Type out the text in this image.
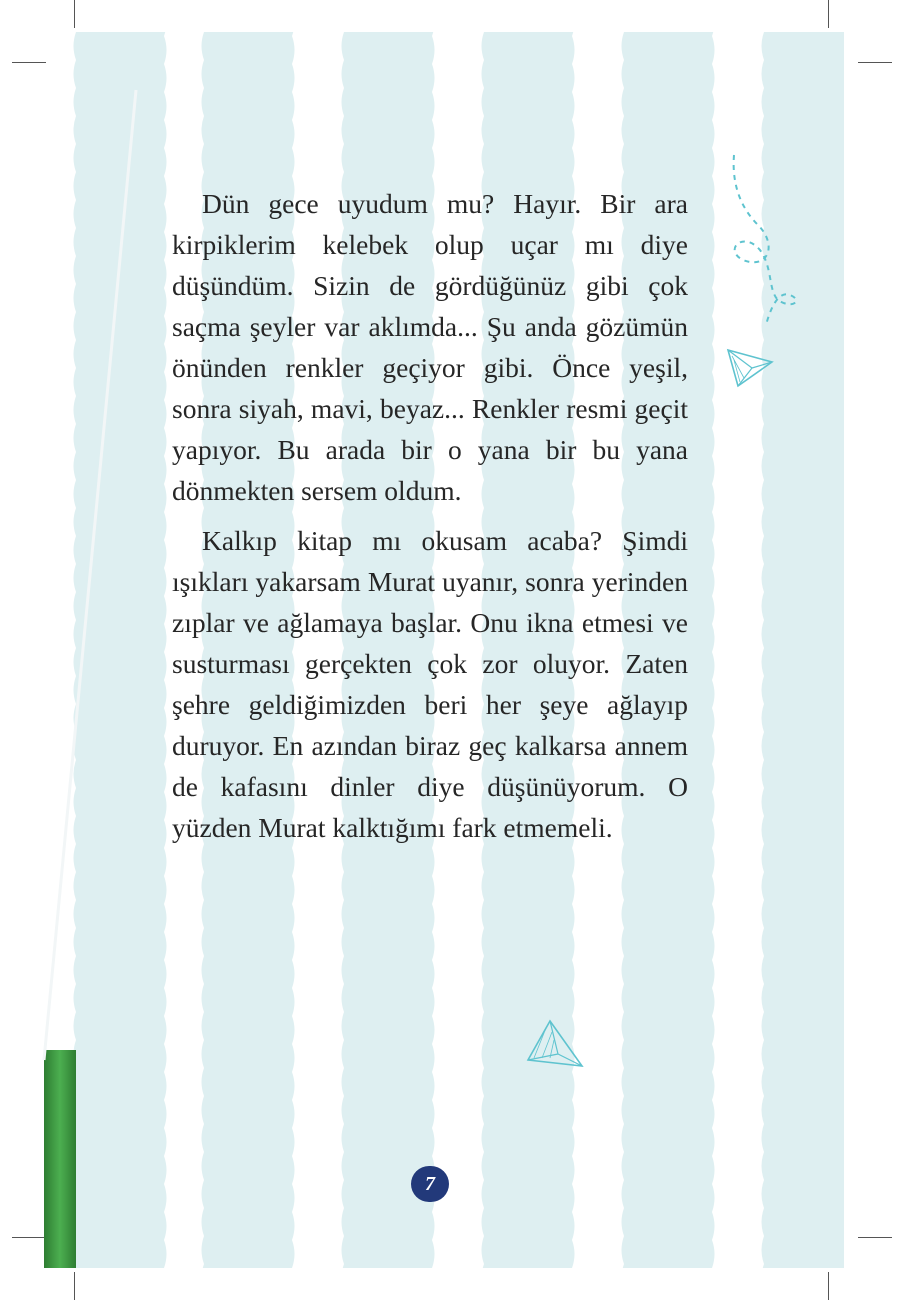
Dün gece uyudum mu? Hayır. Bir ara kirpiklerim kelebek olup uçar mı diye düşündüm. Sizin de gördüğünüz gibi çok saçma şeyler var aklımda... Şu anda gözümün önünden renkler geçiyor gibi. Önce yeşil, sonra siyah, mavi, beyaz... Renkler resmi geçit yapıyor. Bu arada bir o yana bir bu yana dönmekten sersem oldum.

Kalkıp kitap mı okusam acaba? Şimdi ışıkları yakarsam Murat uyanır, sonra yerinden zıplar ve ağlamaya başlar. Onu ikna etmesi ve susturması gerçekten çok zor oluyor. Zaten şehre geldiğimizden beri her şeye ağlayıp duruyor. En azından biraz geç kalkarsa annem de kafasını dinler diye düşünüyorum. O yüzden Murat kalktığımı fark etmemeli.

7
